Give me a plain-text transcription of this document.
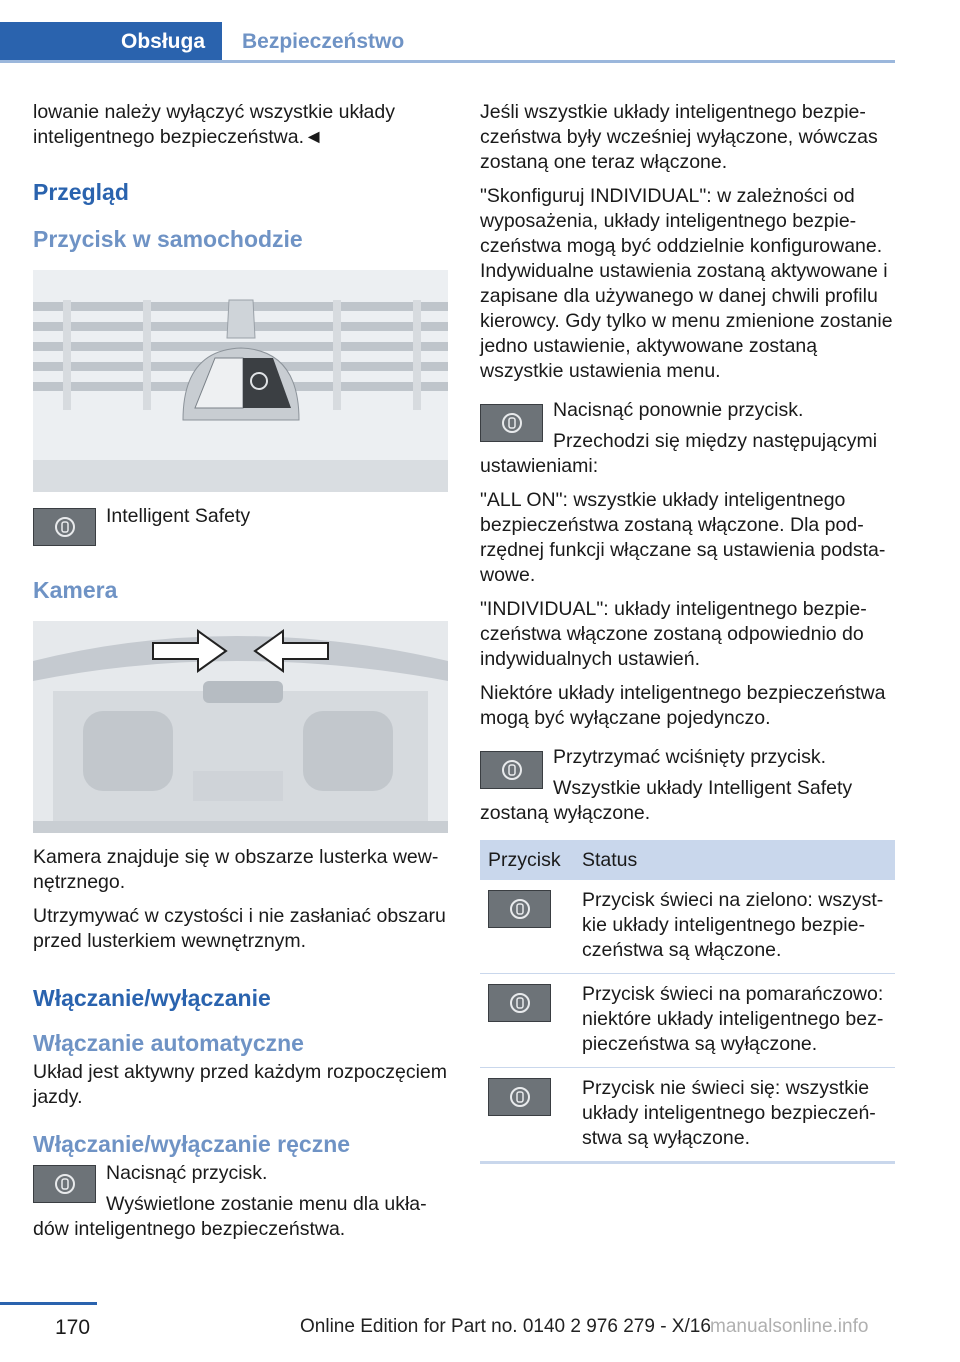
Obsługa	Bezpieczeństwo

lowanie należy wyłączyć wszystkie układy inteligentnego bezpieczeństwa.◄

Przegląd
Przycisk w samochodzie
Intelligent Safety
Kamera

Kamera znajduje się w obszarze lusterka wewnętrznego.

Utrzymywać w czystości i nie zasłaniać obszaru przed lusterkiem wewnętrznym.

Włączanie/wyłączanie
Włączanie automatyczne

Układ jest aktywny przed każdym rozpoczęciem jazdy.

Włączanie/wyłączanie ręczne

Nacisnąć przycisk.

Wyświetlone zostanie menu dla układów inteligentnego bezpieczeństwa.

Jeśli wszystkie układy inteligentnego bezpieczeństwa były wcześniej wyłączone, wówczas zostaną one teraz włączone.

"Skonfiguruj INDIVIDUAL": w zależności od wyposażenia, układy inteligentnego bezpieczeństwa mogą być oddzielnie konfigurowane. Indywidualne ustawienia zostaną aktywowane i zapisane dla używanego w danej chwili profilu kierowcy. Gdy tylko w menu zmienione zostanie jedno ustawienie, aktywowane zostaną wszystkie ustawienia menu.

Nacisnąć ponownie przycisk.

Przechodzi się między następującymi ustawieniami:

"ALL ON": wszystkie układy inteligentnego bezpieczeństwa zostaną włączone. Dla podrzędnej funkcji włączane są ustawienia podstawowe.

"INDIVIDUAL": układy inteligentnego bezpieczeństwa włączone zostaną odpowiednio do indywidualnych ustawień.

Niektóre układy inteligentnego bezpieczeństwa mogą być wyłączane pojedynczo.

Przytrzymać wciśnięty przycisk.

Wszystkie układy Intelligent Safety zostaną wyłączone.

Przycisk	Status

	Przycisk świeci na zielono: wszystkie układy inteligentnego bezpieczeństwa są włączone.

	Przycisk świeci na pomarańczowo: niektóre układy inteligentnego bezpieczeństwa są wyłączone.

	Przycisk nie świeci się: wszystkie układy inteligentnego bezpieczeństwa są wyłączone.
170	Online Edition for Part no. 0140 2 976 279 - X/16 manualsonline.info
